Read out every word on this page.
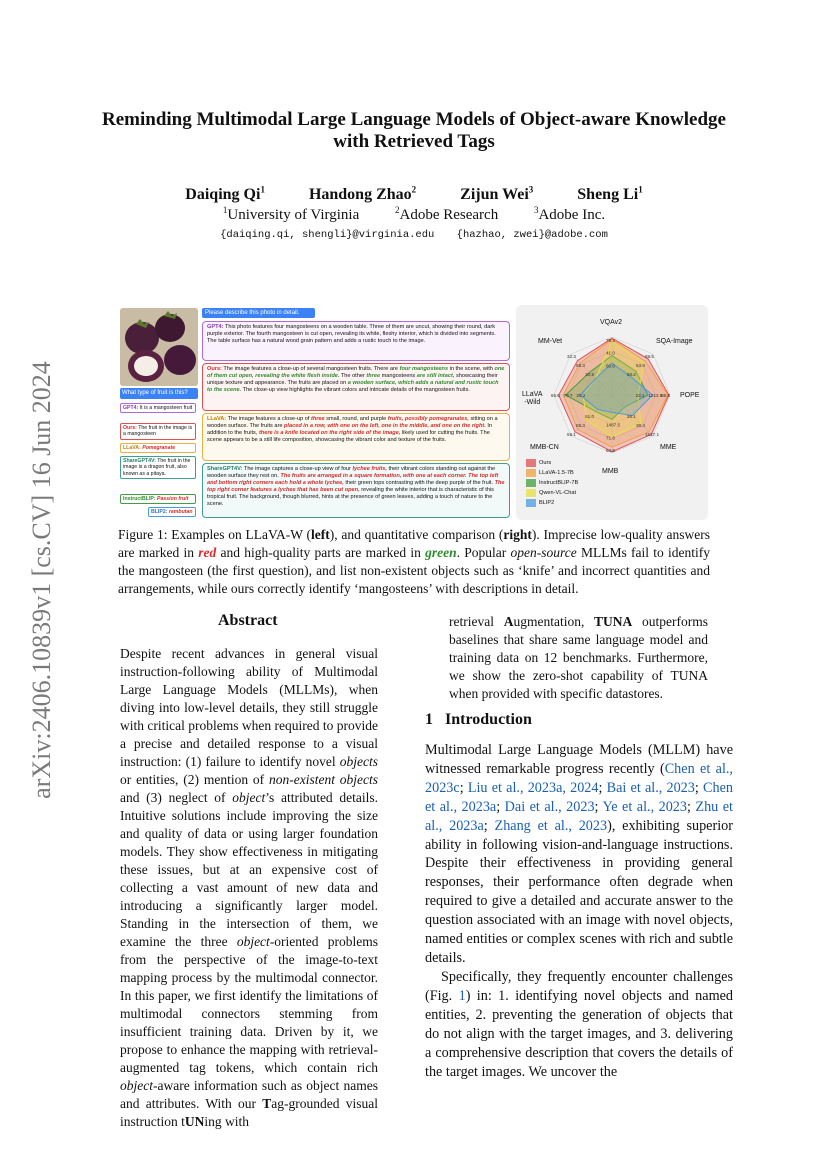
arXiv:2406.10839v1 [cs.CV] 16 Jun 2024
Reminding Multimodal Large Language Models of Object-aware Knowledge with Retrieved Tags
Daiqing Qi$^1$	Handong Zhao$^2$	Zijun Wei$^3$	Sheng Li$^1$
$^1$University of Virginia	$^2$Adobe Research	$^3$Adobe Inc.
{daiqing.qi, shengli}@virginia.edu {hazhao, zwei}@adobe.com
What type of fruit is this?
GPT4: It is a mangosteen fruit
Ours: The fruit in the image is a mangosteen
LLaVA: Pomegranate
ShareGPT4V: The fruit in the image is a dragon fruit, also known as a pitaya.
InstructBLIP: Passion fruit
BLIP2: rambutan
Please describe this photo in detail.
GPT4: This photo features four mangosteens on a wooden table. Three of them are uncut, showing their round, dark purple exterior. The fourth mangosteen is cut open, revealing its white, fleshy interior, which is divided into segments. The table surface has a natural wood grain pattern and adds a rustic touch to the image.
Ours: The image features a close-up of several mangosteen fruits. There are four mangosteens in the scene, with one of them cut open, revealing the white flesh inside. The other three mangosteens are still intact, showcasing their unique texture and appearance. The fruits are placed on a wooden surface, which adds a natural and rustic touch to the scene. The close-up view highlights the vibrant colors and intricate details of the mangosteen fruits.
LLaVA: The image features a close-up of three small, round, and purple fruits, possibly pomegranates, sitting on a wooden surface. The fruits are placed in a row, with one on the left, one in the middle, and one on the right. In addition to the fruits, there is a knife located on the right side of the image, likely used for cutting the fruits. The scene appears to be a still life composition, showcasing the vibrant color and texture of the fruits.
ShareGPT4V: The image captures a close-up view of four lychee fruits, their vibrant colors standing out against the wooden surface they rest on. The fruits are arranged in a square formation, with one at each corner. The top left and bottom right corners each hold a whole lychee, their green tops contrasting with the deep purple of the fruit. The top right corner features a lychee that has been cut open, revealing the white interior that is characteristic of this tropical fruit. The background, though blurred, hints at the presence of green leaves, adding a touch of nature to the scene.
78.2
69.5
86.8
1527.1
64.5
58.1
65.6
32.3
41.0
53.8
1212.8
38.4
71.6
85.3
76.7
68.3	60.6
58.2
23.1
36.1
1487.5
61.0
26.2
30.5
VQAv2
SQA-Image
POPE
MME
MMB
MMB-CN
LLaVA
-Wild
MM-Vet
Ours
LLaVA-1.5-7B
InstructBLIP-7B
Qwen-VL-Chat
BLIP2
Figure 1: Examples on LLaVA-W (left), and quantitative comparison (right). Imprecise low-quality answers are marked in red and high-quality parts are marked in green. Popular open-source MLLMs fail to identify the mangosteen (the first question), and list non-existent objects such as ‘knife’ and incorrect quantities and arrangements, while ours correctly identify ‘mangosteens’ with descriptions in detail.
Abstract
Despite recent advances in general visual instruction-following ability of Multimodal Large Language Models (MLLMs), when diving into low-level details, they still struggle with critical problems when required to provide a precise and detailed response to a visual instruction: (1) failure to identify novel objects or entities, (2) mention of non-existent objects and (3) neglect of object’s attributed details. Intuitive solutions include improving the size and quality of data or using larger foundation models. They show effectiveness in mitigating these issues, but at an expensive cost of collecting a vast amount of new data and introducing a significantly larger model. Standing in the intersection of them, we examine the three object-oriented problems from the perspective of the image-to-text mapping process by the multimodal connector. In this paper, we first identify the limitations of multimodal connectors stemming from insufficient training data. Driven by it, we propose to enhance the mapping with retrieval-augmented tag tokens, which contain rich object-aware information such as object names and attributes. With our Tag-grounded visual instruction tUNing with
retrieval Augmentation, TUNA outperforms baselines that share same language model and training data on 12 benchmarks. Furthermore, we show the zero-shot capability of TUNA when provided with specific datastores.
1 Introduction
Multimodal Large Language Models (MLLM) have witnessed remarkable progress recently (Chen et al., 2023c; Liu et al., 2023a, 2024; Bai et al., 2023; Chen et al., 2023a; Dai et al., 2023; Ye et al., 2023; Zhu et al., 2023a; Zhang et al., 2023), exhibiting superior ability in following vision-and-language instructions. Despite their effectiveness in providing general responses, their performance often degrade when required to give a detailed and accurate answer to the question associated with an image with novel objects, named entities or complex scenes with rich and subtle details.
Specifically, they frequently encounter challenges (Fig. 1) in: 1. identifying novel objects and named entities, 2. preventing the generation of objects that do not align with the target images, and 3. delivering a comprehensive description that covers the details of the target images. We uncover the
